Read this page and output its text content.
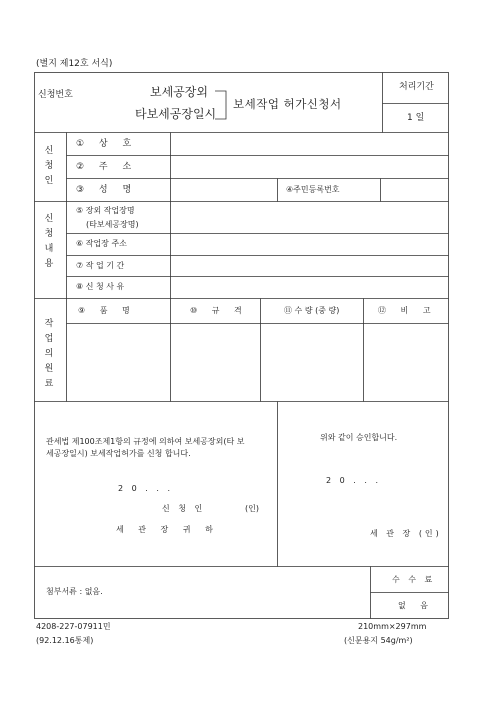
(별지 제12호 서식)
신청번호	보세공장외
타보세공장일시
보세작업 허가신청서
처리기간
1 일
신청인
① 상 호
② 주 소
③ 성 명	④주민등록번호
신청내용
⑤ 장외 작업장명
(타보세공장명)
⑥ 작업장 주소
⑦ 작 업 기 간
⑧ 신 청 사 유
작업의원료
⑨ 품 명	⑩ 규 격	⑪ 수 량 (중 량)	⑫ 비 고
관세법 제100조제1항의 규정에 의하여 보세공장외(타 보
세공장일시) 보세작업허가를 신청 합니다.
2 0 . . .
신 청 인	(인)
세 관 장 귀 하
위와 같이 승인합니다.
2 0 . . .
세 관 장 (인)
첨부서류 : 없음.
수 수 료
없 음
4208-227-07911민
(92.12.16통제)
210mm×297mm
(신문용지 54g/m²)
